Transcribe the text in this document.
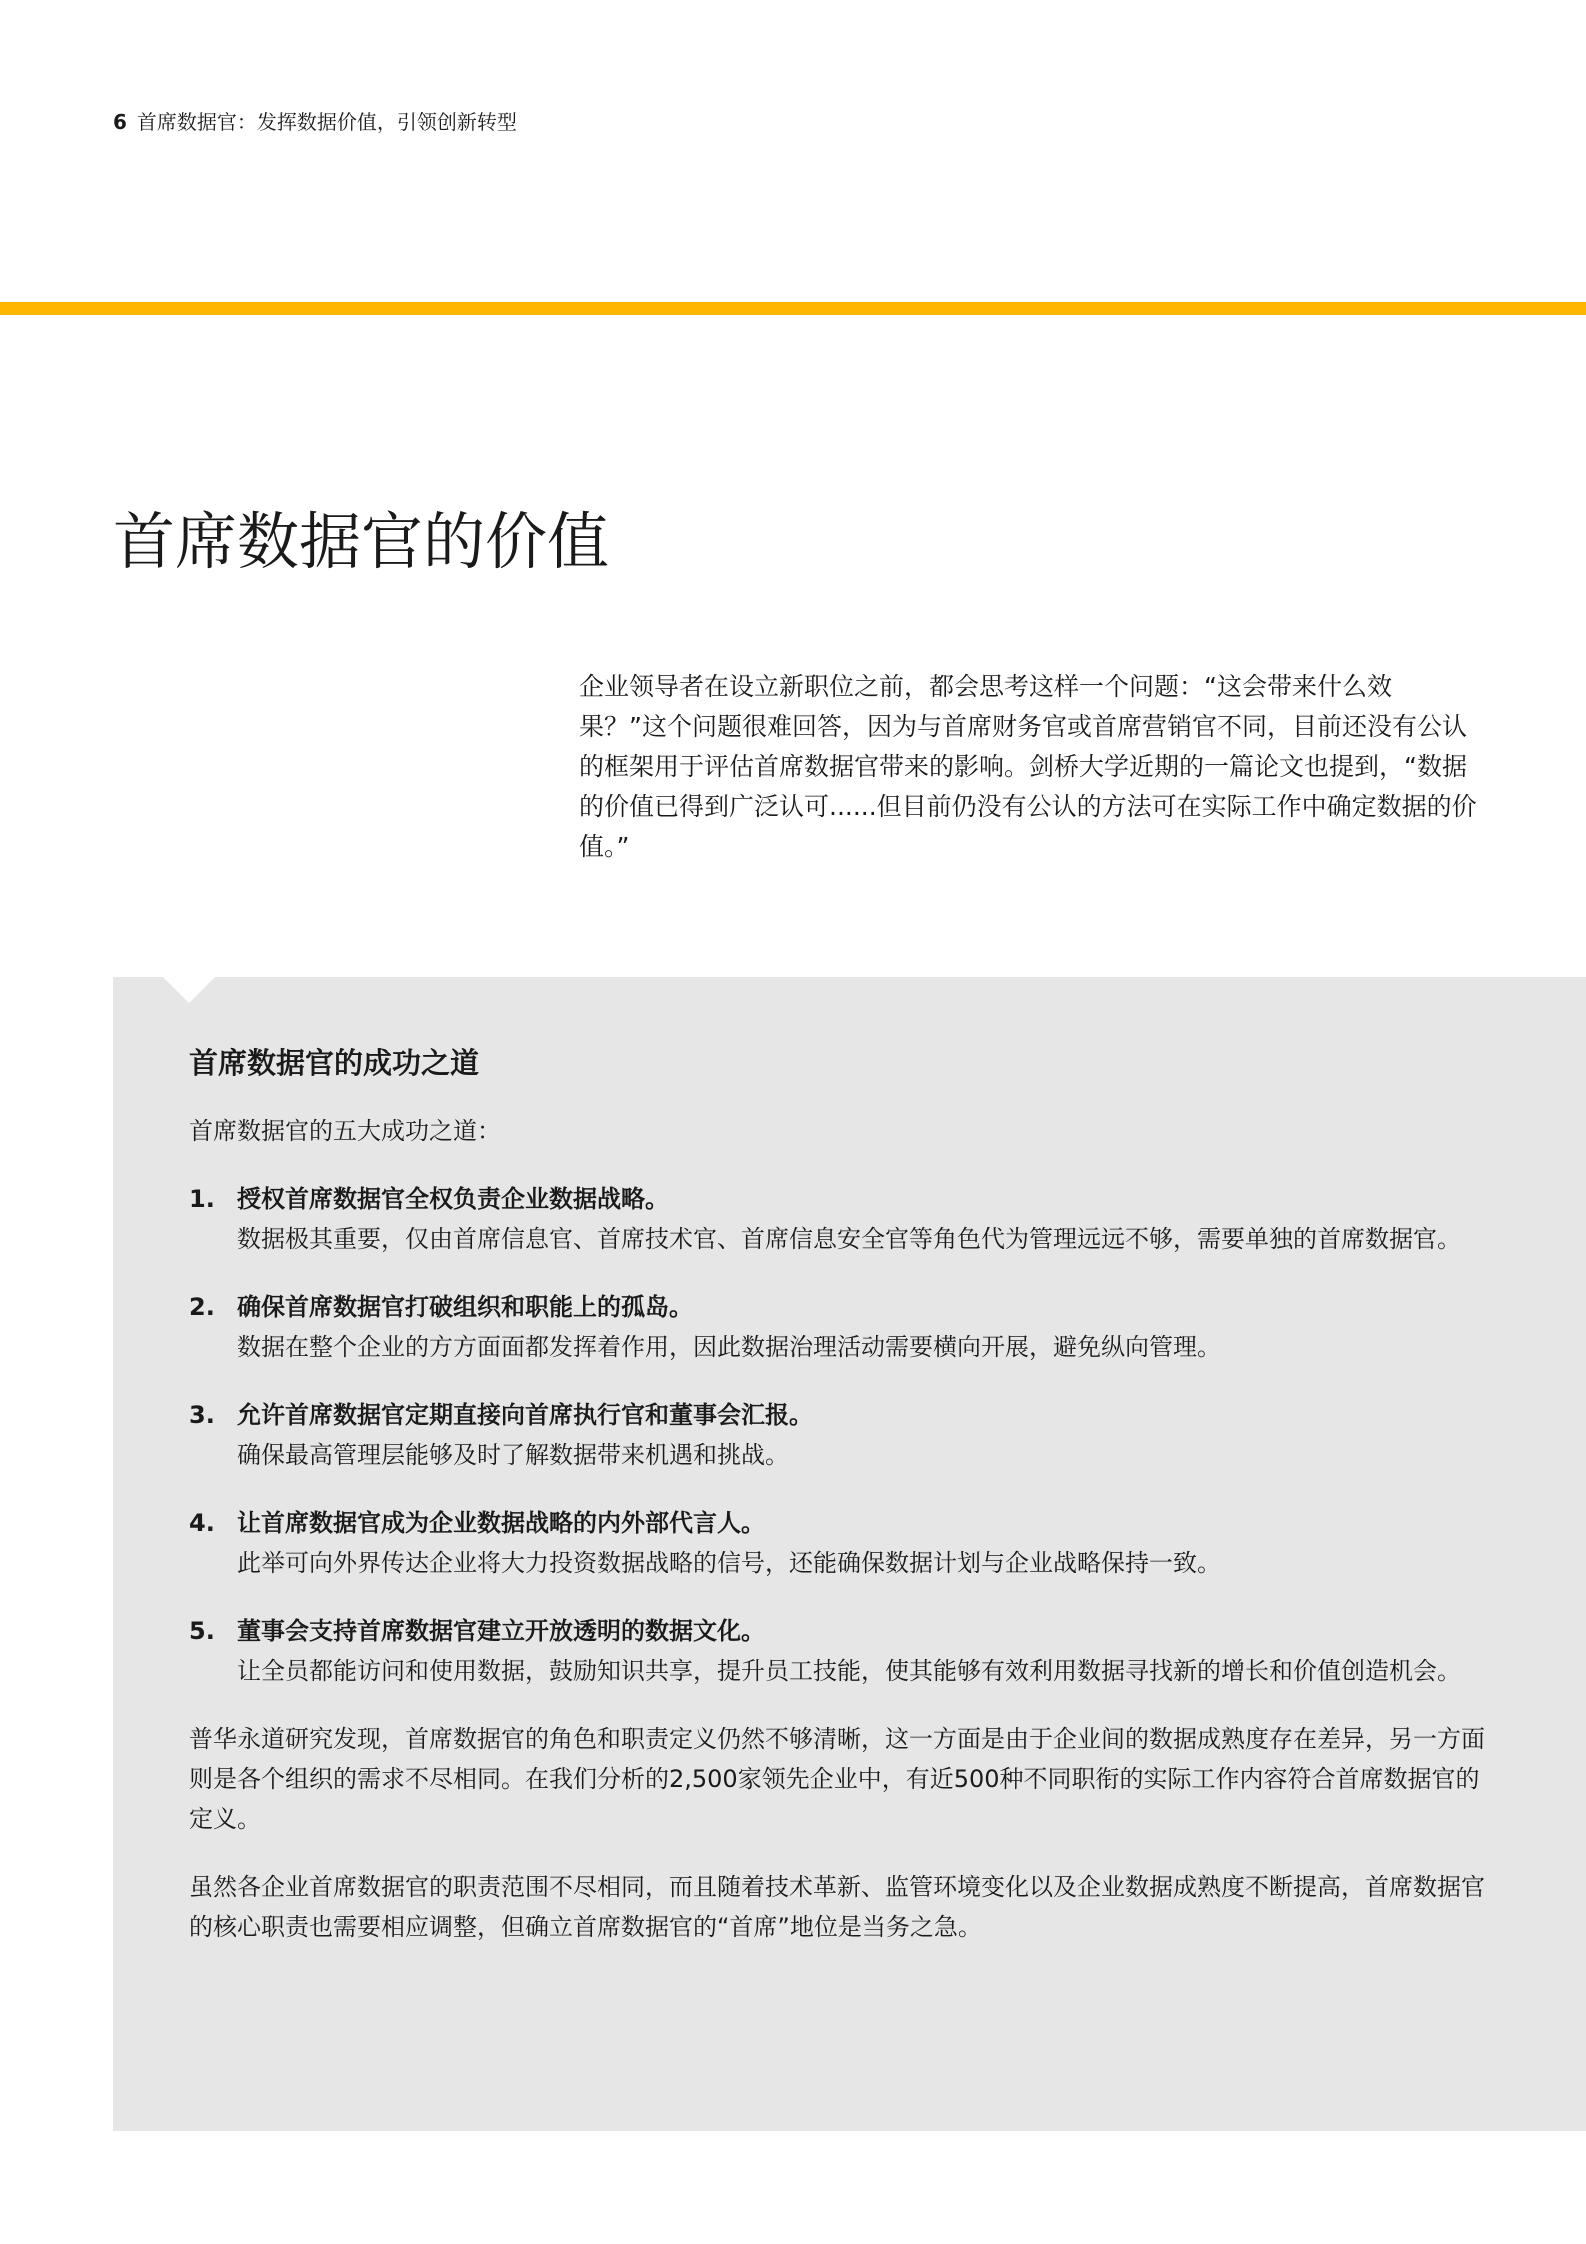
6 首席数据官：发挥数据价值，引领创新转型
首席数据官的价值

企业领导者在设立新职位之前，都会思考这样一个问题：“这会带来什么效果？”这个问题很难回答，因为与首席财务官或首席营销官不同，目前还没有公认的框架用于评估首席数据官带来的影响。剑桥大学近期的一篇论文也提到，“数据的价值已得到广泛认可......但目前仍没有公认的方法可在实际工作中确定数据的价值。”

首席数据官的成功之道

首席数据官的五大成功之道：

1. 授权首席数据官全权负责企业数据战略。
数据极其重要，仅由首席信息官、首席技术官、首席信息安全官等角色代为管理远远不够，需要单独的首席数据官。
2. 确保首席数据官打破组织和职能上的孤岛。
数据在整个企业的方方面面都发挥着作用，因此数据治理活动需要横向开展，避免纵向管理。
3. 允许首席数据官定期直接向首席执行官和董事会汇报。
确保最高管理层能够及时了解数据带来机遇和挑战。
4. 让首席数据官成为企业数据战略的内外部代言人。
此举可向外界传达企业将大力投资数据战略的信号，还能确保数据计划与企业战略保持一致。
5. 董事会支持首席数据官建立开放透明的数据文化。
让全员都能访问和使用数据，鼓励知识共享，提升员工技能，使其能够有效利用数据寻找新的增长和价值创造机会。

普华永道研究发现，首席数据官的角色和职责定义仍然不够清晰，这一方面是由于企业间的数据成熟度存在差异，另一方面则是各个组织的需求不尽相同。在我们分析的2,500家领先企业中，有近500种不同职衔的实际工作内容符合首席数据官的定义。

虽然各企业首席数据官的职责范围不尽相同，而且随着技术革新、监管环境变化以及企业数据成熟度不断提高，首席数据官的核心职责也需要相应调整，但确立首席数据官的“首席”地位是当务之急。
